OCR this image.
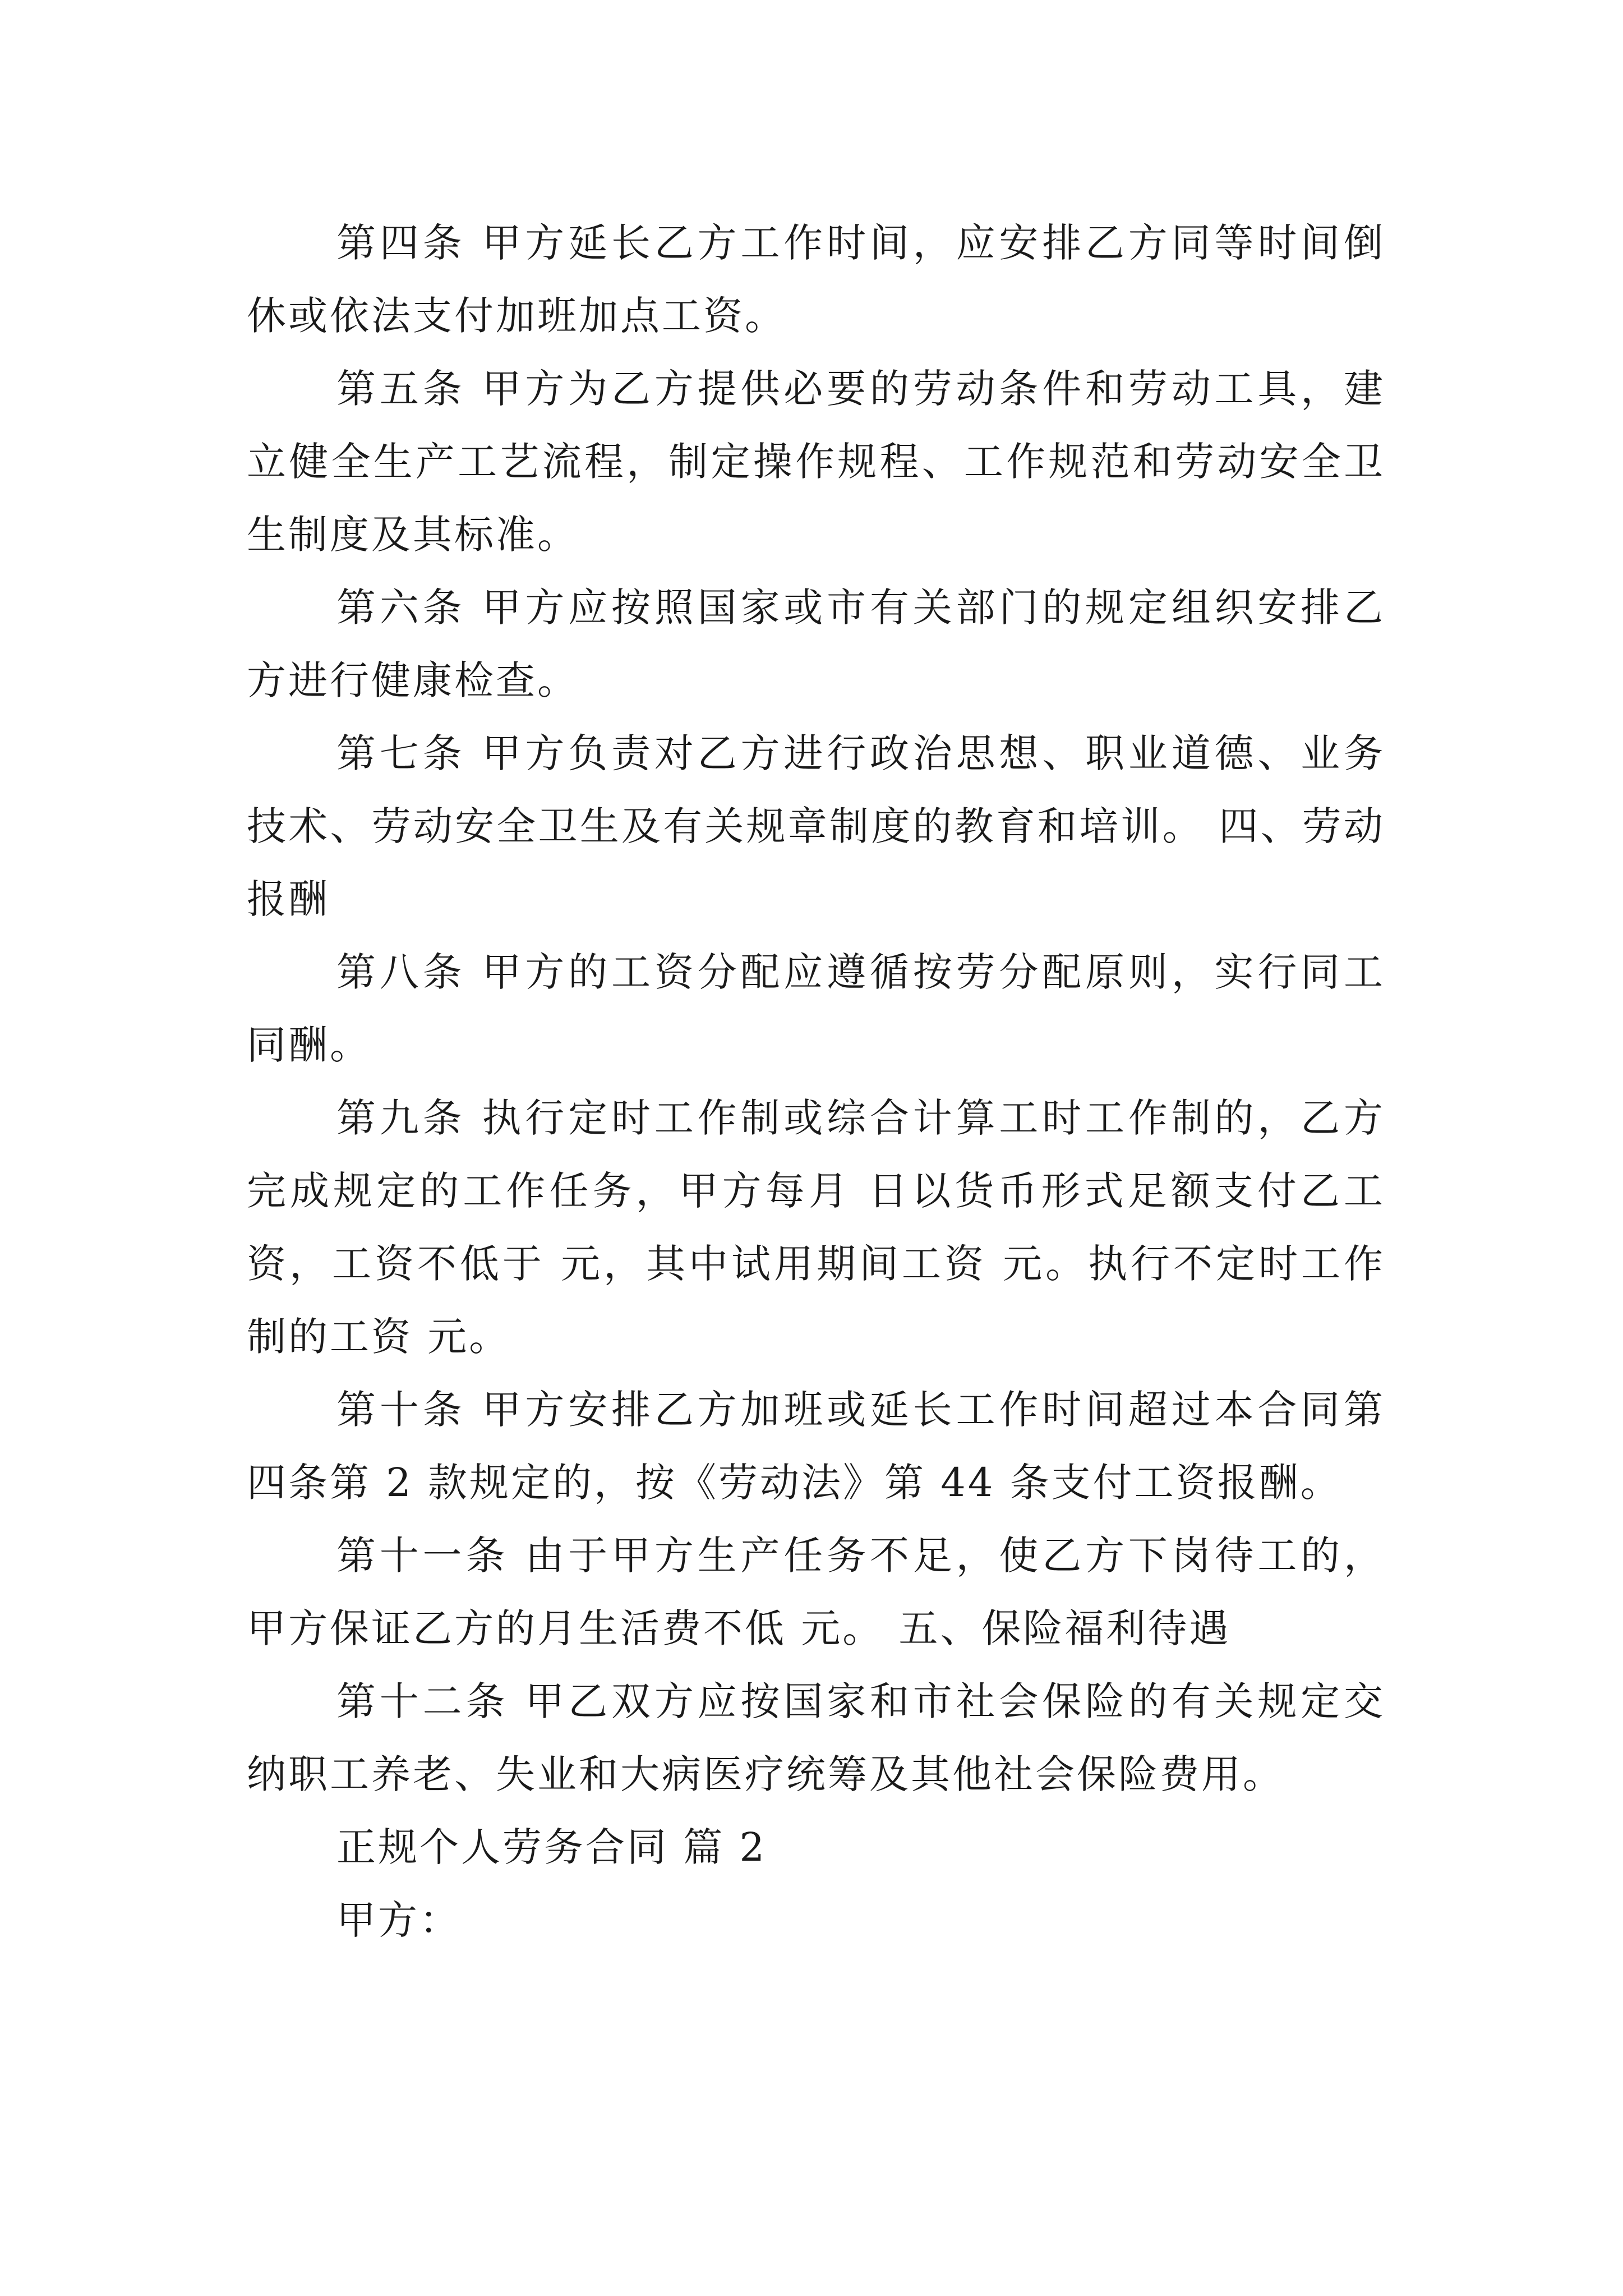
第四条 甲方延长乙方工作时间，应安排乙方同等时间倒休或依法支付加班加点工资。

第五条 甲方为乙方提供必要的劳动条件和劳动工具，建立健全生产工艺流程，制定操作规程、工作规范和劳动安全卫生制度及其标准。

第六条 甲方应按照国家或市有关部门的规定组织安排乙方进行健康检查。

第七条 甲方负责对乙方进行政治思想、职业道德、业务技术、劳动安全卫生及有关规章制度的教育和培训。 四、劳动报酬

第八条 甲方的工资分配应遵循按劳分配原则，实行同工同酬。

第九条 执行定时工作制或综合计算工时工作制的，乙方完成规定的工作任务，甲方每月 日以货币形式足额支付乙工资，工资不低于 元，其中试用期间工资 元。执行不定时工作制的工资 元。

第十条 甲方安排乙方加班或延长工作时间超过本合同第四条第 2 款规定的，按《劳动法》第 44 条支付工资报酬。

第十一条 由于甲方生产任务不足，使乙方下岗待工的，甲方保证乙方的月生活费不低 元。 五、保险福利待遇

第十二条 甲乙双方应按国家和市社会保险的有关规定交纳职工养老、失业和大病医疗统筹及其他社会保险费用。

正规个人劳务合同 篇 2

甲方：
